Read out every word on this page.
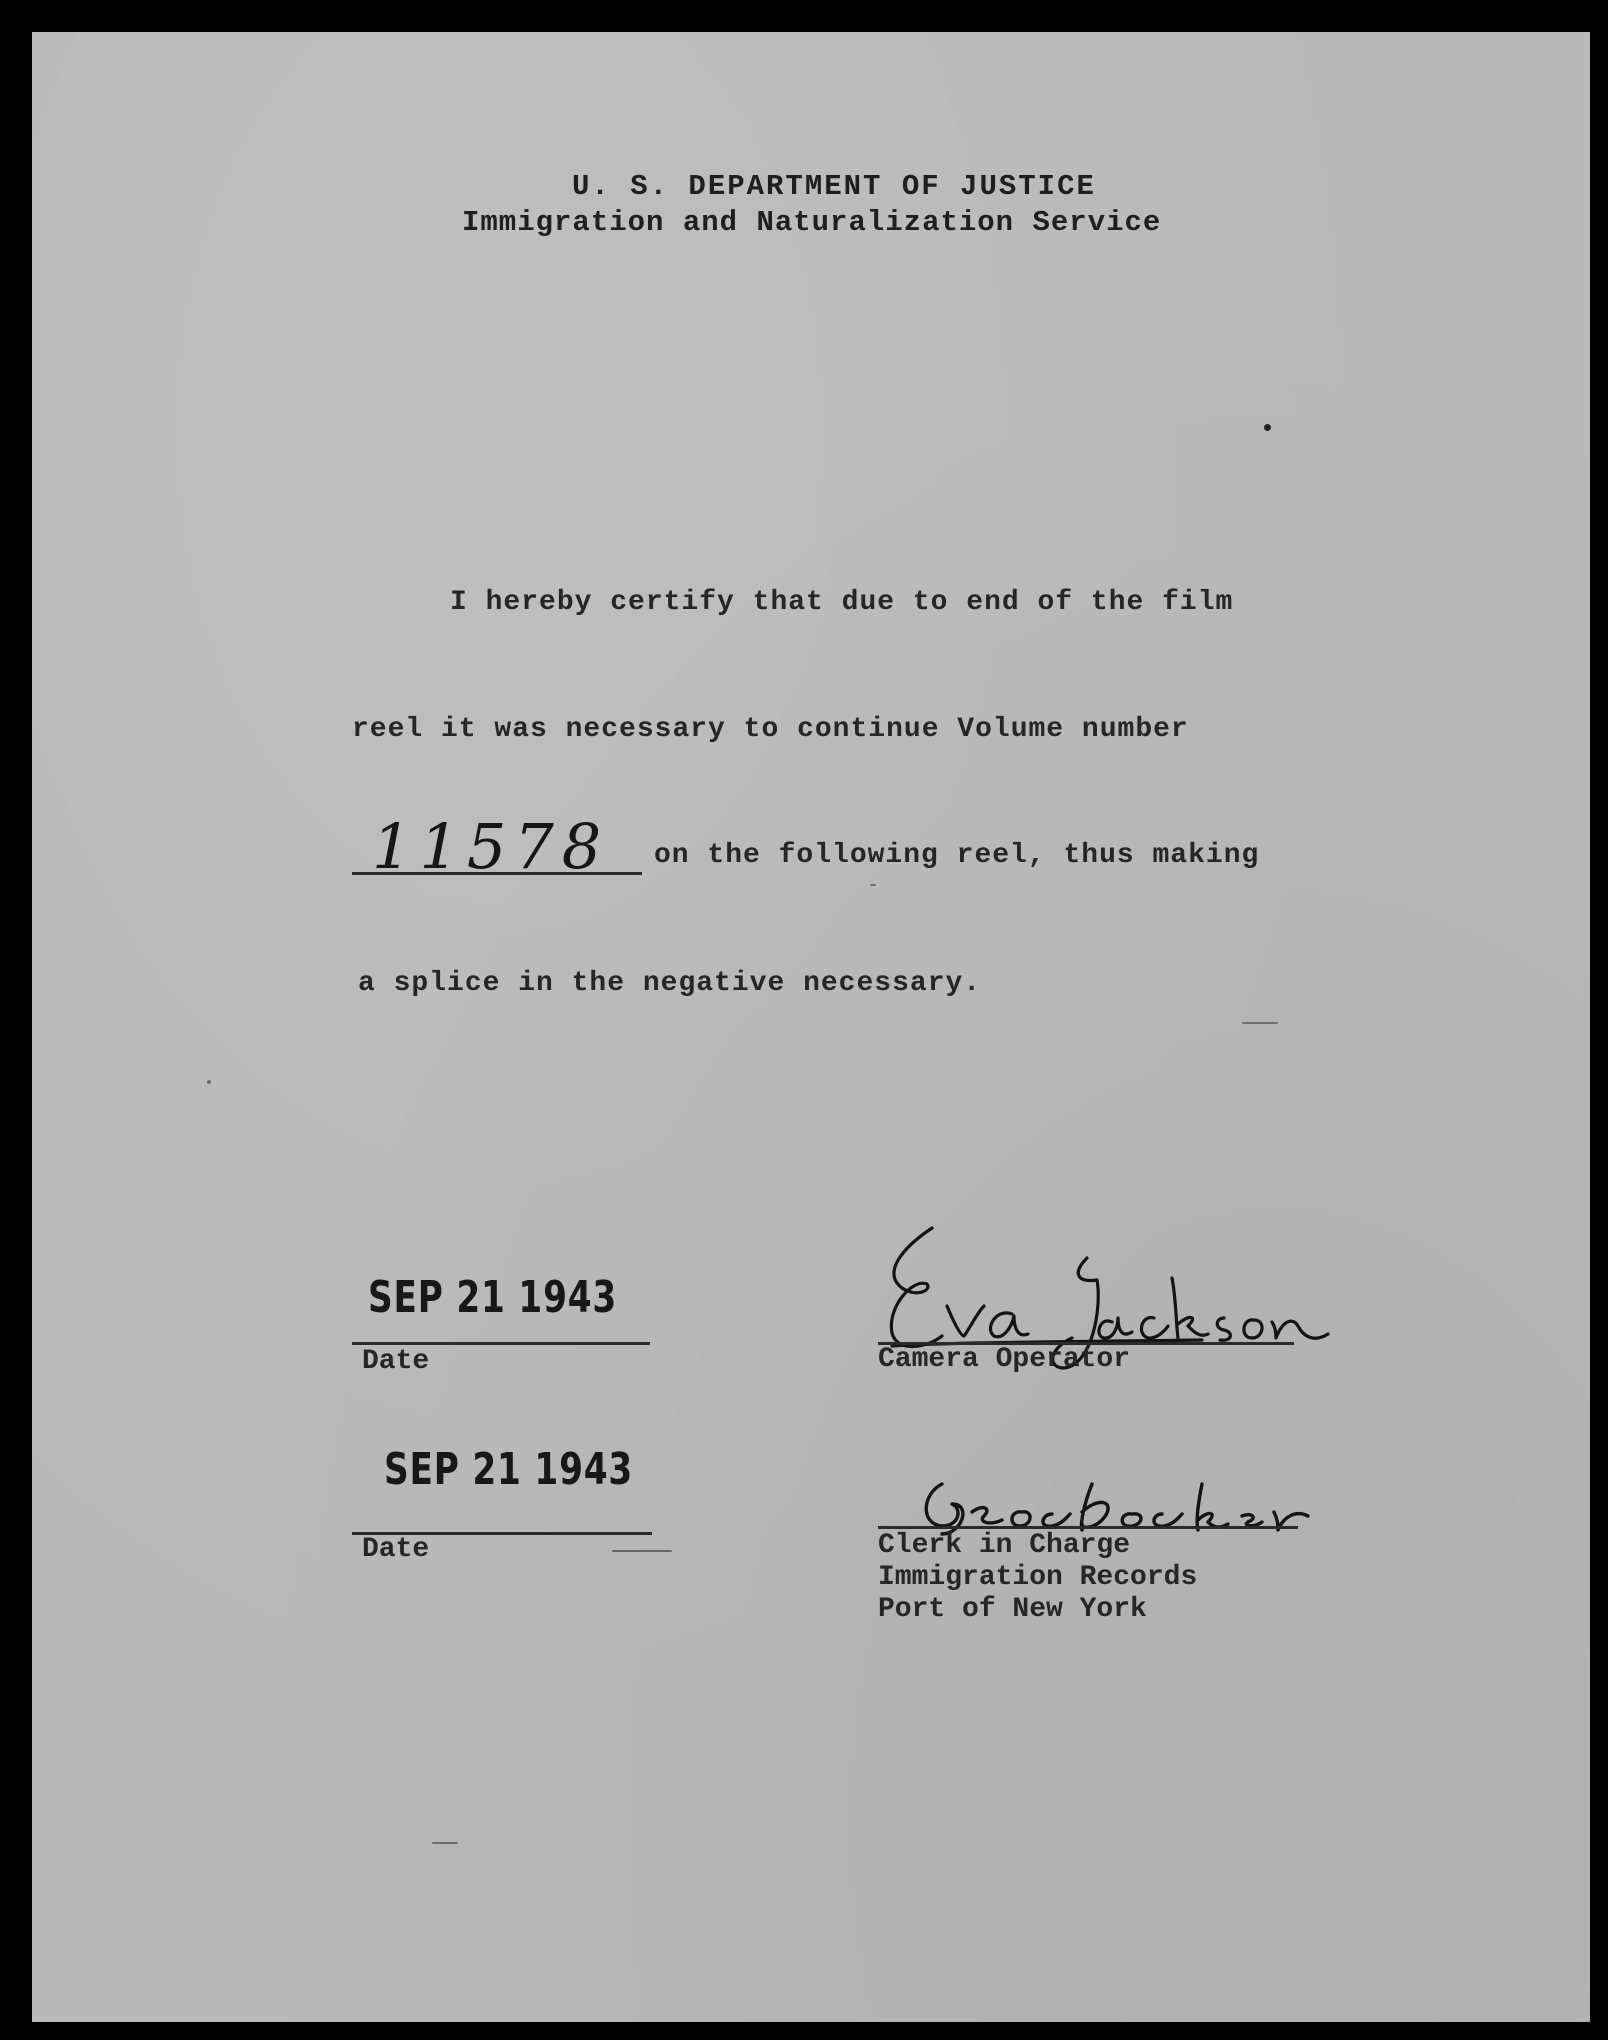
U. S. DEPARTMENT OF JUSTICE
Immigration and Naturalization Service
I hereby certify that due to end of the film
reel it was necessary to continue Volume number
11578 on the following reel, thus making
a splice in the negative necessary.
SEP 21 1943
Date
SEP 21 1943
Date
Camera Operator
Clerk in Charge
Immigration Records
Port of New York
